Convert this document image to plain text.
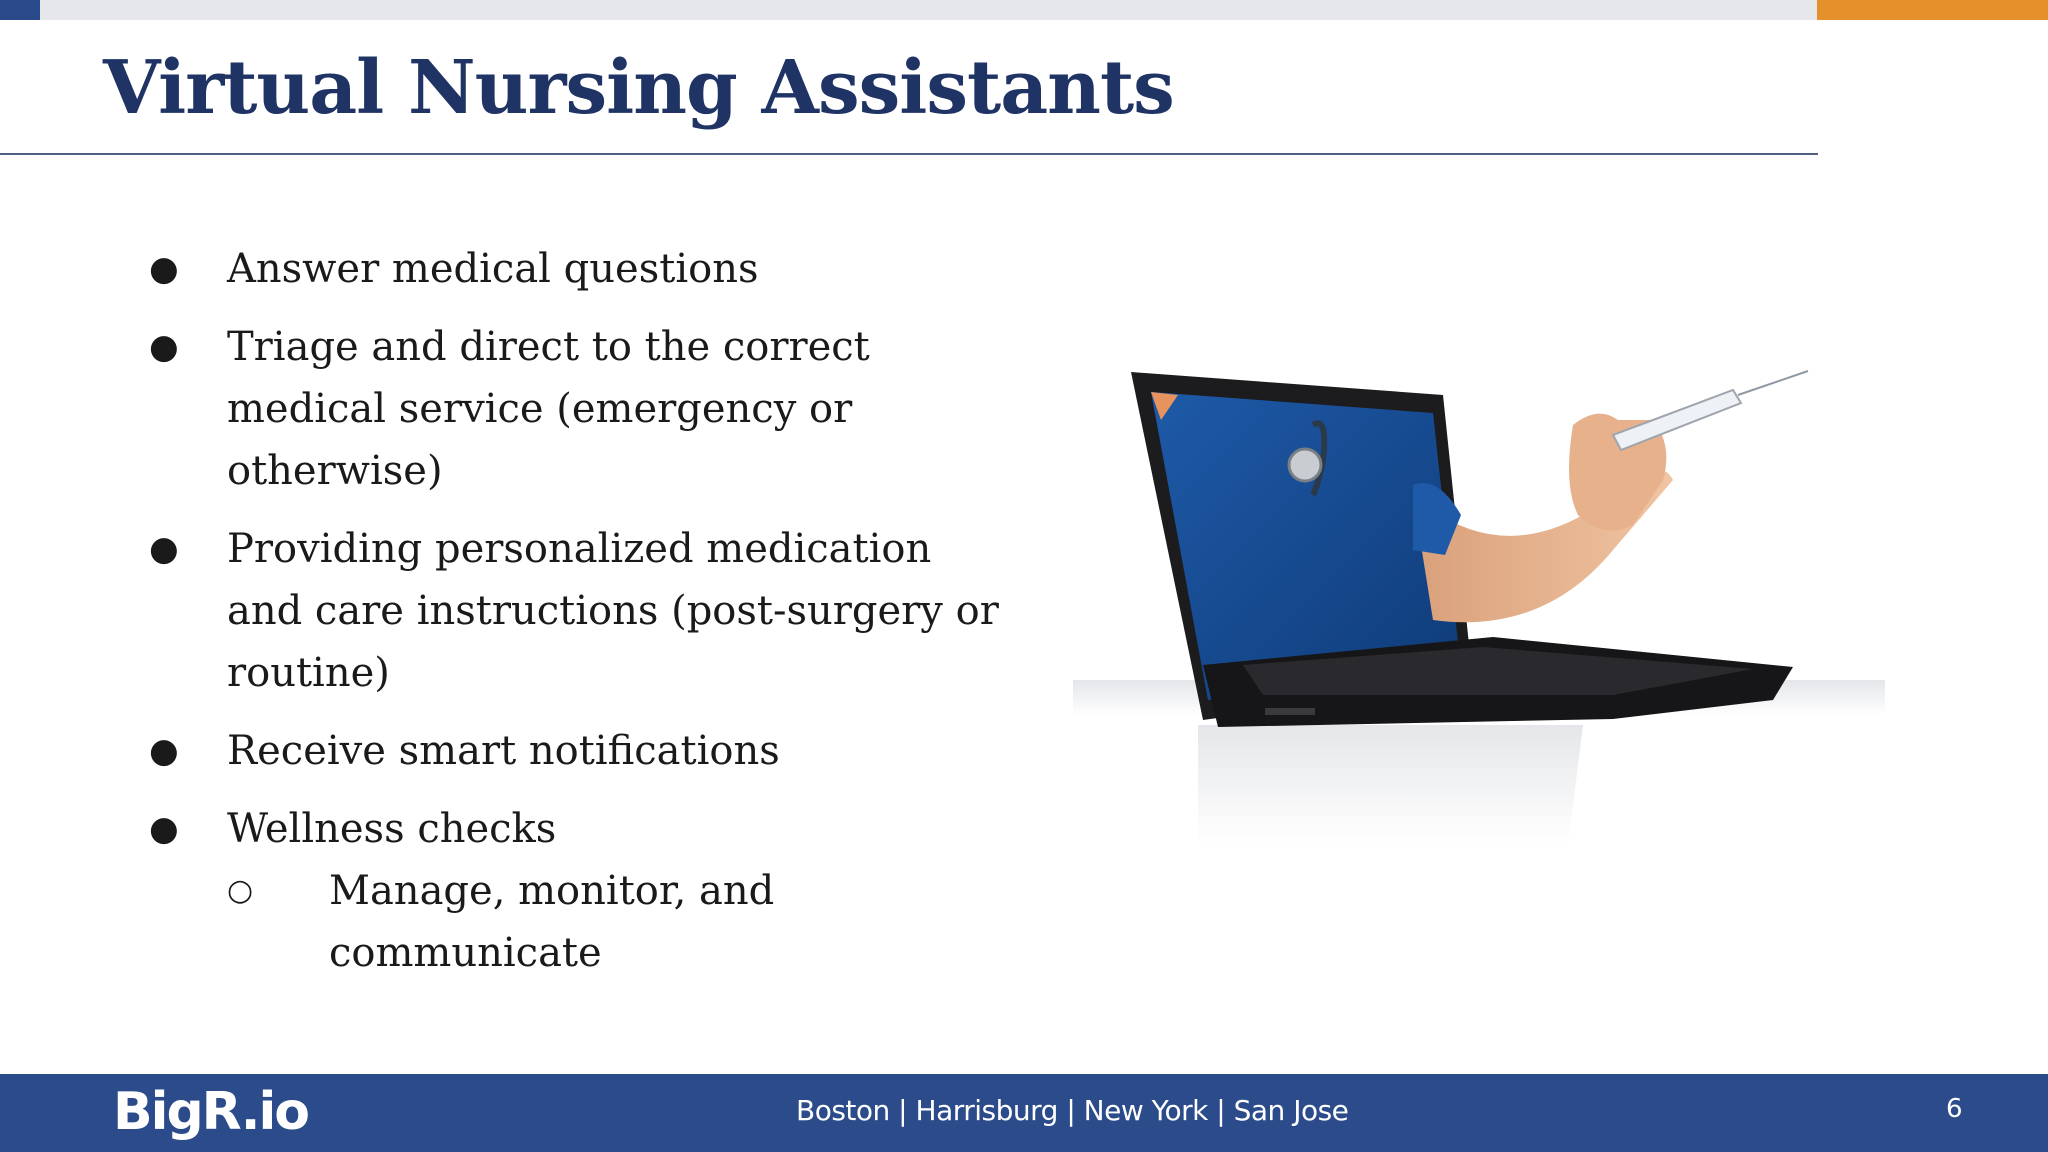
Virtual Nursing Assistants
● Answer medical questions
● Triage and direct to the correct medical service (emergency or otherwise)
● Providing personalized medication and care instructions (post-surgery or routine)
● Receive smart notifications
● Wellness checks
○ Manage, monitor, and communicate
BigR.io	Boston | Harrisburg | New York | San Jose	6
